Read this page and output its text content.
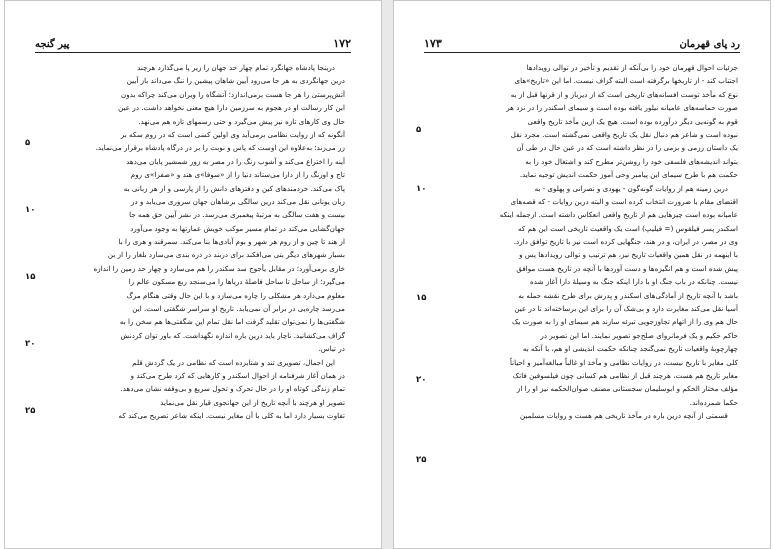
پیر گنجه	۱۷۲
درینجا پادشاه جهانگرد تمام چهار حد جهان را زیر پا می‌گذارد هرچند
درین جهانگردی به هر جا می‌رود آیین شاهان پیشین را ننگ می‌داند باز آیین
آتش‌پرستی را هر جا هست برمی‌اندازد؛ آتشگاه را ویران می‌کند چراکه بدون
این کار رسالت او در هجوم به سرزمین دارا هیچ معنی نخواهد داشت. در عین
حال وی کارهای تازه نیز پیش می‌گیرد و حتی رسمهای تازه هم می‌نهد.
آنگونه که از روایت نظامی برمی‌آید وی اولین کسی است که در روم سکه بر
زر می‌زند؛ به‌علاوه این اوست که پاس و نوبت را بر در درگاه پادشاه برقرار می‌نماید.
آینه را اختراع می‌کند و آشوب زنگ را در مصر به زور شمشیر پایان می‌دهد
تاج و اورنگ را از دارا می‌ستاند دنیا را از «سوفا»ی هند و «صفرا»ی روم
پاک می‌کند. خردمندهای کین و دفترهای دانش را از پارسی و از هر زبانی به
زبان یونانی نقل می‌کند درین سالگی برشاهان جهان سروری می‌یابد و در
بیست و هفت سالگی به مرتبهٔ پیغمبری می‌رسد. در نشر آیین حق همه جا
جهان‌گشایی می‌کند در تمام مسیر موکب خویش عمارتها به وجود می‌آورد
از هند تا چین و از روم هر شهر و بوم آبادی‌ها بنا می‌کند. سمرقند و هری را با
بسیار شهرهای دیگر بنی می‌افکند برای دربند در دره بندی می‌سازد بلغار را از بن
خاری برمی‌آورد؛ در مقابل یأجوج سد سکندر را هم می‌سازد و چهار حد زمین را اندازه
می‌گیرد؛ از ساحل تا ساحل فاصلهٔ دریاها را می‌سنجد ربع مسکون عالم را
معلوم می‌دارد هر مشکلی را چاره می‌سازد و با این حال وقتی هنگام مرگ
می‌رسد چاره‌یی در برابر آن نمی‌یابد. تاریخ او سراسر شگفتی است. این
شگفتی‌ها را نمی‌توان تقلید گرفت اما نقل تمام این شگفتی‌ها هم سخن را به
گزاف می‌کشانید. ناچار باید درین باره اندازه نگهداشت. که باور توان کردنش
در تیاس.
این اجمال، تصویری تند و شتابزده است که نظامی در یک گردش قلم
در همان آغاز شرفنامه از احوال اسکندر و کارهایی که کرد طرح می‌کند و
تمام زندگی کوتاه او را در حال تحرک و تحول سریع و بی‌وقفه نشان می‌دهد.
تصویر او هرچند با آنچه تاریخ از این جهانجوی قیار نقل می‌نماید
تفاوت بسیار دارد اما به کلی با آن مغایر نیست. اینکه شاعر تصریح می‌کند که
۵
۱۰
۱۵
۲۰
۲۵
رد پای قهرمان
۱۷۳
جزئیات احوال قهرمان خود را بی‌آنکه از تقدیم و تأخیر در توالی رویدادها
اجتناب کند - از تاریخها برگرفته است البته گزاف نیست. اما این «تاریخ»های
نوع که مأخذ توست افسانه‌های تاریخی است که از دیرباز و از قرنها قبل از به
صورت حماسه‌های عامیانه نیلور یافته بوده است و سیمای اسکندر را در نزد هر
قوم به گونه‌یی دیگر درآورده بوده است. هیچ یک ازین مآخذ تاریخ واقعی
نبوده است و شاعر هم دنبال نقل یک تاریخ واقعی نمی‌گشته است. مجرد نقل
یک داستان رزمی و بزمی را در نظر داشته است که در عین حال در طی آن
بتواند اندیشه‌های فلسفی خود را روشن‌تر مطرح کند و اشتغال خود را به
حکمت هم با طرح سیمای این پیامبر وحی آموز حکمت اندیش توجیه نماید.
درین زمینه هم از روایات گونه‌گون - یهودی و نصرانی و پهلوی - به
اقتضای مقام یا ضرورت انتخاب کرده است و البته درین روایات - که قصه‌های
عامیانه بوده است چیزهایی هم از تاریخ واقعی انعکاس داشته است. ازجمله اینکه
اسکندر پسر فیلقوس (= فیلیپ) است یک واقعیت تاریخی است این هم که
وی در مصر، در ایران، و در هند، جنگهایی کرده است نیز با تاریخ توافق دارد.
با اینهمه در نقل همین واقعیات تاریخ نیز، هم ترتیب و توالی رویدادها پس و
پیش شده است و هم انگیزه‌ها و دست آوردها با آنچه در تاریخ هست موافق
نیست. چنانکه در باب جنگ او با دارا اینکه جنگ به وسیلهٔ دارا آغاز شده
باشد با آنچه تاریخ از آمادگی‌های اسکندر و پدرش برای طرح نقشه حمله به
آسیا نقل می‌کند مغایرت دارد و بی‌شک آن را برای این برساخته‌اند تا در عین
حال هم وی را از اتهام تجاوزجویی تبرئه سازند هم سیمای او را به صورت یک
حاکم حکیم و یک فرمانروای صلح‌جو تصویر نمایند. اما این تصویر در
چهارچوبهٔ واقعیات تاریخ نمی‌گنجد چنانکه حکمت اندیشی او هم، با آنکه به
کلی مغایر با تاریخ نیست، در روایات نظامی و مآخذ او غالباً مبالغه‌آمیز و احیاناً
مغایر تاریخ هم هست، هرچند قبل از نظامی هم کسانی چون فیلسوفین فاتک
مؤلف مختار الحکم و ابوسلیمان سجستانی مصنف صوان‌الحکمه نیز او را از
حکما شمرده‌اند.
قسمتی از آنچه درین باره در مآخذ تاریخی هم هست و روایات مسلمین
۵
۱۰
۱۵
۲۰
۲۵
